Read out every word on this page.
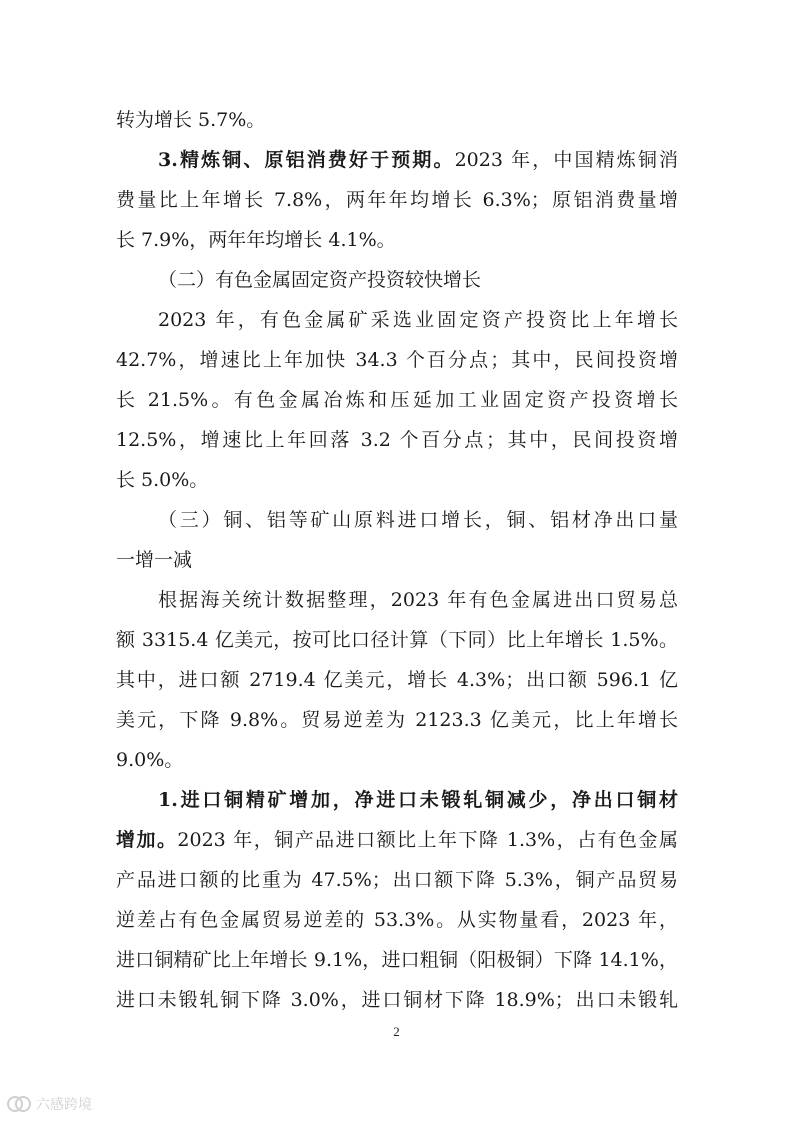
转为增长 5.7%。
3.精炼铜、原铝消费好于预期。2023 年，中国精炼铜消
费量比上年增长 7.8%，两年年均增长 6.3%；原铝消费量增
长 7.9%，两年年均增长 4.1%。
（二）有色金属固定资产投资较快增长
2023 年，有色金属矿采选业固定资产投资比上年增长
42.7%，增速比上年加快 34.3 个百分点；其中，民间投资增
长 21.5%。有色金属冶炼和压延加工业固定资产投资增长
12.5%，增速比上年回落 3.2 个百分点；其中，民间投资增
长 5.0%。
（三）铜、铝等矿山原料进口增长，铜、铝材净出口量
一增一减
根据海关统计数据整理，2023 年有色金属进出口贸易总
额 3315.4 亿美元，按可比口径计算（下同）比上年增长 1.5%。
其中，进口额 2719.4 亿美元，增长 4.3%；出口额 596.1 亿
美元，下降 9.8%。贸易逆差为 2123.3 亿美元，比上年增长
9.0%。
1.进口铜精矿增加，净进口未锻轧铜减少，净出口铜材
增加。2023 年，铜产品进口额比上年下降 1.3%，占有色金属
产品进口额的比重为 47.5%；出口额下降 5.3%，铜产品贸易
逆差占有色金属贸易逆差的 53.3%。从实物量看，2023 年，
进口铜精矿比上年增长 9.1%，进口粗铜（阳极铜）下降 14.1%，
进口未锻轧铜下降 3.0%，进口铜材下降 18.9%；出口未锻轧
2
六感跨境
